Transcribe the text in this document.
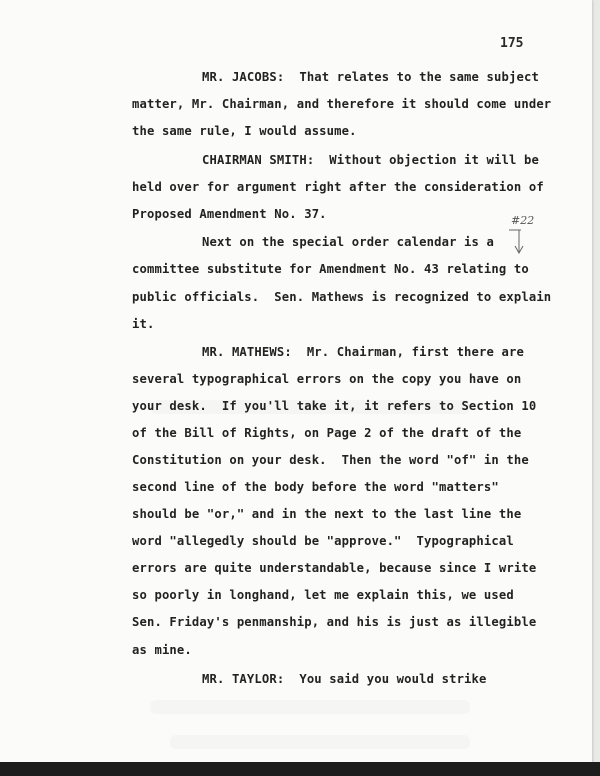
175
#22
MR. JACOBS:  That relates to the same subject
matter, Mr. Chairman, and therefore it should come under
the same rule, I would assume.
CHAIRMAN SMITH:  Without objection it will be
held over for argument right after the consideration of
Proposed Amendment No. 37.
Next on the special order calendar is a
committee substitute for Amendment No. 43 relating to
public officials.  Sen. Mathews is recognized to explain
it.
MR. MATHEWS:  Mr. Chairman, first there are
several typographical errors on the copy you have on
your desk.  If you'll take it, it refers to Section 10
of the Bill of Rights, on Page 2 of the draft of the
Constitution on your desk.  Then the word "of" in the
second line of the body before the word "matters"
should be "or," and in the next to the last line the
word "allegedly should be "approve."  Typographical
errors are quite understandable, because since I write
so poorly in longhand, let me explain this, we used
Sen. Friday's penmanship, and his is just as illegible
as mine.
MR. TAYLOR:  You said you would strike
